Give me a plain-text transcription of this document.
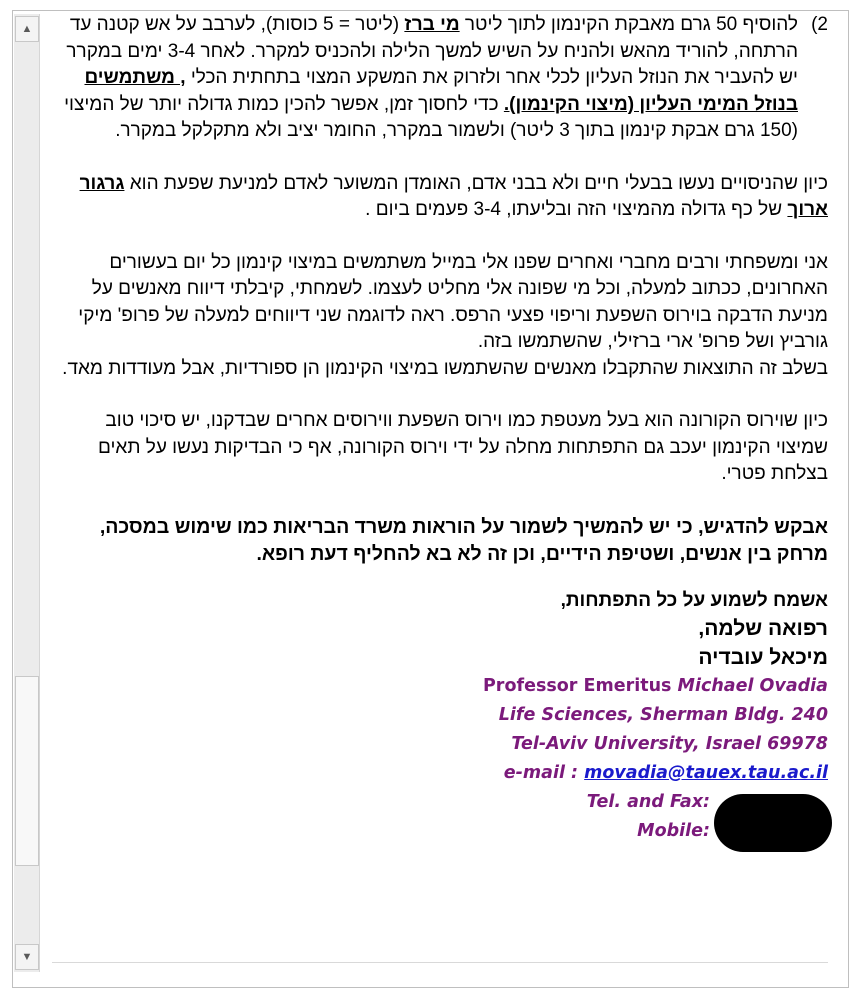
▲
▼
2)

להוסיף 50 גרם מאבקת הקינמון לתוך ליטר מי ברז (ליטר = 5 כוסות), לערבב על אש קטנה עד הרתחה, להוריד מהאש ולהניח על השיש למשך הלילה ולהכניס למקרר. לאחר 3-4 ימים במקרר יש להעביר את הנוזל העליון לכלי אחר ולזרוק את המשקע המצוי בתחתית הכלי , משתמשים בנוזל המימי העליון (מיצוי הקינמון). כדי לחסוך זמן, אפשר להכין כמות גדולה יותר של המיצוי (150 גרם אבקת קינמון בתוך 3 ליטר) ולשמור במקרר, החומר יציב ולא מתקלקל במקרר.

כיון שהניסויים נעשו בבעלי חיים ולא בבני אדם, האומדן המשוער לאדם למניעת שפעת הוא גרגור ארוך של כף גדולה מהמיצוי הזה ובליעתו, 3-4 פעמים ביום .

אני ומשפחתי ורבים מחברי ואחרים שפנו אלי במייל משתמשים במיצוי קינמון כל יום בעשורים האחרונים, ככתוב למעלה, וכל מי שפונה אלי מחליט לעצמו. לשמחתי, קיבלתי דיווח מאנשים על מניעת הדבקה בוירוס השפעת וריפוי פצעי הרפס. ראה לדוגמה שני דיווחים למעלה של פרופ' מיקי גורביץ ושל פרופ' ארי ברזילי, שהשתמשו בזה.

בשלב זה התוצאות שהתקבלו מאנשים שהשתמשו במיצוי הקינמון הן ספורדיות, אבל מעודדות מאד.

כיון שוירוס הקורונה הוא בעל מעטפת כמו וירוס השפעת ווירוסים אחרים שבדקנו, יש סיכוי טוב שמיצוי הקינמון יעכב גם התפתחות מחלה על ידי וירוס הקורונה, אף כי הבדיקות נעשו על תאים בצלחת פטרי.

אבקש להדגיש, כי יש להמשיך לשמור על הוראות משרד הבריאות כמו שימוש במסכה, מרחק בין אנשים, ושטיפת הידיים, וכן זה לא בא להחליף דעת רופא.

אשמח לשמוע על כל התפתחות,

רפואה שלמה,

מיכאל עובדיה

Professor Emeritus Michael Ovadia

Life Sciences, Sherman Bldg. 240

Tel-Aviv University, Israel 69978

e-mail : movadia@tauex.tau.ac.il

Tel. and Fax:

Mobile:
